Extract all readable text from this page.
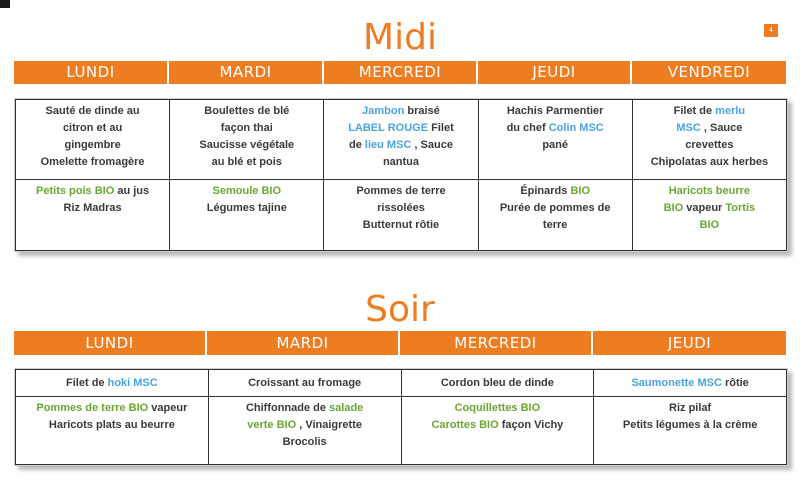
4
Midi
LUNDI	MARDI	MERCREDI	JEUDI	VENDREDI
Sauté de dinde au
citron et au
gingembre
Omelette fromagère	Boulettes de blé
façon thai
Saucisse végétale
au blé et pois	Jambon braisé
LABEL ROUGE Filet
de lieu MSC , Sauce
nantua	Hachis Parmentier
du chef Colin MSC
pané	Filet de merlu
MSC , Sauce
crevettes
Chipolatas aux herbes

Petits pois BIO au jus
Riz Madras	Semoule BIO
Légumes tajine	Pommes de terre
rissolées
Butternut rôtie	Épinards BIO
Purée de pommes de
terre	Haricots beurre
BIO vapeur Tortis
BIO
Soir
LUNDI	MARDI	MERCREDI	JEUDI
Filet de hoki MSC	Croissant au fromage	Cordon bleu de dinde	Saumonette MSC rôtie

Pommes de terre BIO vapeur
Haricots plats au beurre	Chiffonnade de salade
verte BIO , Vinaigrette
Brocolis	Coquillettes BIO
Carottes BIO façon Vichy	Riz pilaf
Petits légumes à la crème
